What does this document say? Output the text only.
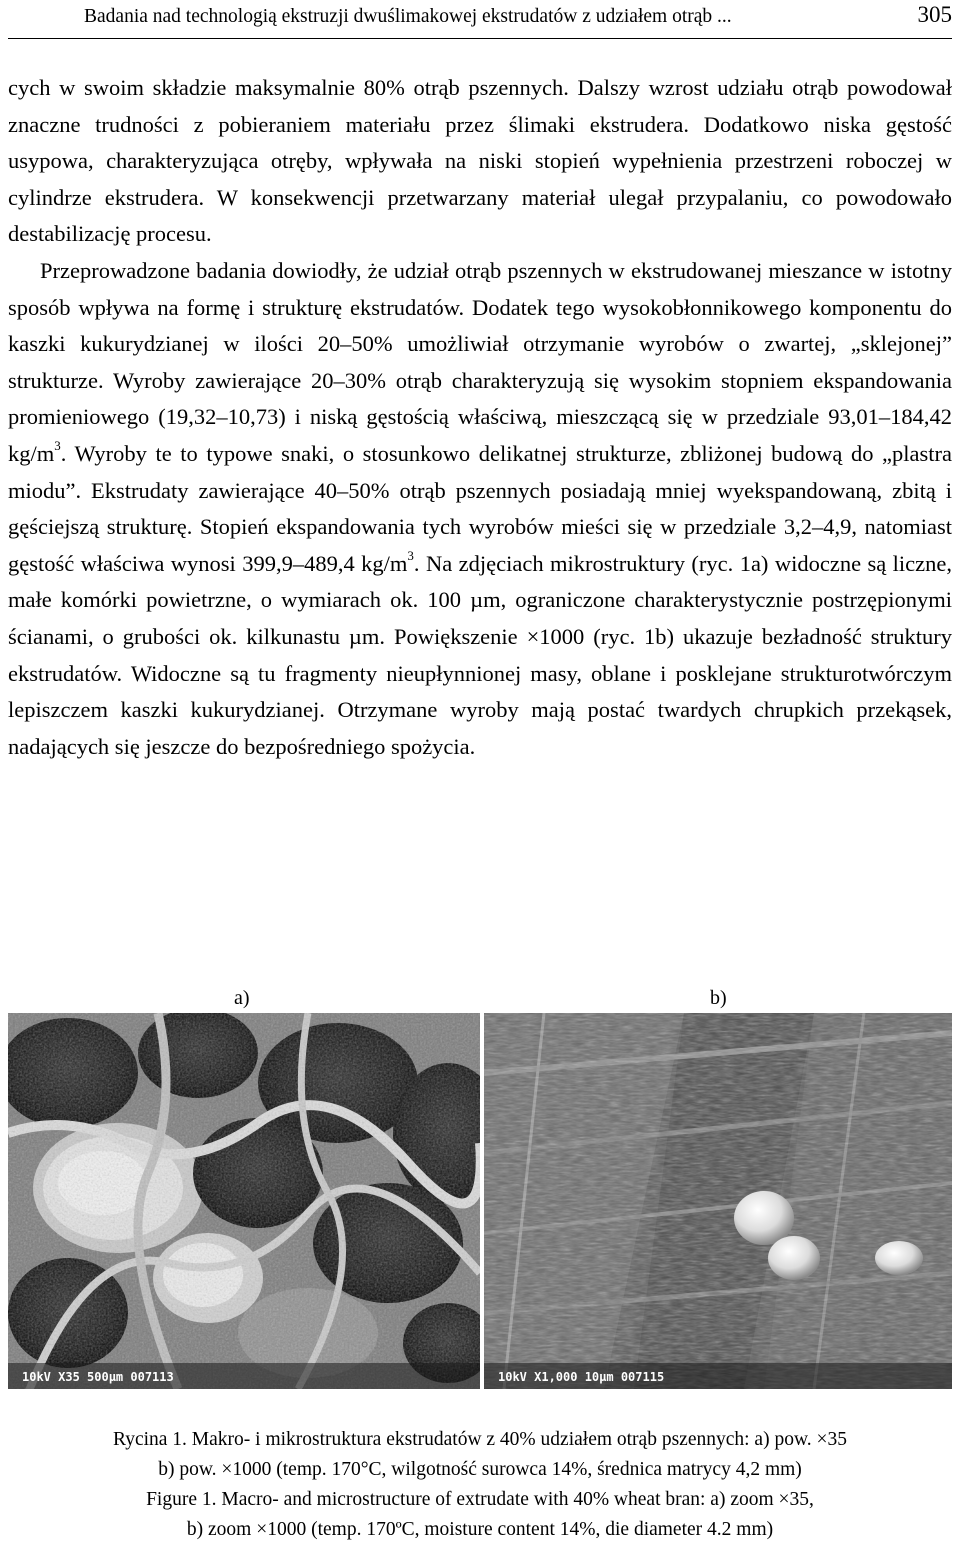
Badania nad technologią ekstruzji dwuślimakowej ekstrudatów z udziałem otrąb ...	305

cych w swoim składzie maksymalnie 80% otrąb pszennych. Dalszy wzrost udziału otrąb powodował znaczne trudności z pobieraniem materiału przez ślimaki ekstrudera. Dodatkowo niska gęstość usypowa, charakteryzująca otręby, wpływała na niski stopień wypełnienia przestrzeni roboczej w cylindrze ekstrudera. W konsekwencji przetwarzany materiał ulegał przypalaniu, co powodowało destabilizację procesu.

Przeprowadzone badania dowiodły, że udział otrąb pszennych w ekstrudowanej mieszance w istotny sposób wpływa na formę i strukturę ekstrudatów. Dodatek tego wysokobłonnikowego komponentu do kaszki kukurydzianej w ilości 20–50% umożliwiał otrzymanie wyrobów o zwartej, „sklejonej” strukturze. Wyroby zawierające 20–30% otrąb charakteryzują się wysokim stopniem ekspandowania promieniowego (19,32–10,73) i niską gęstością właściwą, mieszczącą się w przedziale 93,01–184,42 $kg/m^3$. Wyroby te to typowe snaki, o stosunkowo delikatnej strukturze, zbliżonej budową do „plastra miodu”. Ekstrudaty zawierające 40–50% otrąb pszennych posiadają mniej wyekspandowaną, zbitą i gęściejszą strukturę. Stopień ekspandowania tych wyrobów mieści się w przedziale 3,2–4,9, natomiast gęstość właściwa wynosi 399,9–489,4 $kg/m^3$. Na zdjęciach mikrostruktury (ryc. 1a) widoczne są liczne, małe komórki powietrzne, o wymiarach ok. 100 µm, ograniczone charakterystycznie postrzępionymi ścianami, o grubości ok. kilkunastu µm. Powiększenie ×1000 (ryc. 1b) ukazuje bezładność struktury ekstrudatów. Widoczne są tu fragmenty nieupłynnionej masy, oblane i posklejane strukturotwórczym lepiszczem kaszki kukurydzianej. Otrzymane wyroby mają postać twardych chrupkich przekąsek, nadających się jeszcze do bezpośredniego spożycia.

a)	b)
10kV X35 500µm 007113	10kV X1,000 10µm 007115
Rycina 1. Makro- i mikrostruktura ekstrudatów z 40% udziałem otrąb pszennych: a) pow. ×35
b) pow. ×1000 (temp. 170°C, wilgotność surowca 14%, średnica matrycy 4,2 mm)
Figure 1. Macro- and microstructure of extrudate with 40% wheat bran: a) zoom ×35,
b) zoom ×1000 (temp. 170ºC, moisture content 14%, die diameter 4.2 mm)
